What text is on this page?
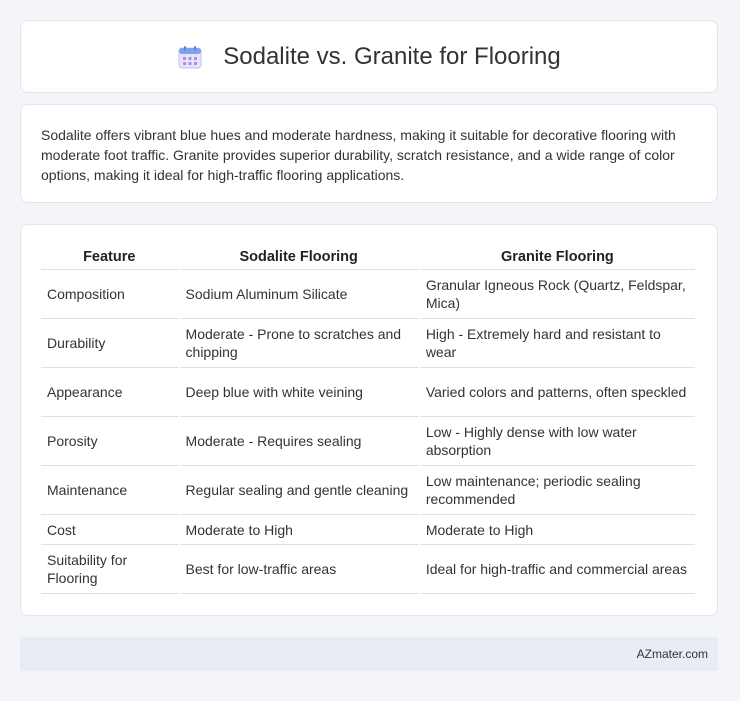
Sodalite vs. Granite for Flooring

Sodalite offers vibrant blue hues and moderate hardness, making it suitable for decorative flooring with moderate foot traffic. Granite provides superior durability, scratch resistance, and a wide range of color options, making it ideal for high-traffic flooring applications.

Feature	Sodalite Flooring	Granite Flooring
Composition	Sodium Aluminum Silicate	Granular Igneous Rock (Quartz, Feldspar, Mica)
Durability	Moderate - Prone to scratches and chipping	High - Extremely hard and resistant to wear
Appearance	Deep blue with white veining	Varied colors and patterns, often speckled
Porosity	Moderate - Requires sealing	Low - Highly dense with low water absorption
Maintenance	Regular sealing and gentle cleaning	Low maintenance; periodic sealing recommended
Cost	Moderate to High	Moderate to High
Suitability for Flooring	Best for low-traffic areas	Ideal for high-traffic and commercial areas
AZmater.com
